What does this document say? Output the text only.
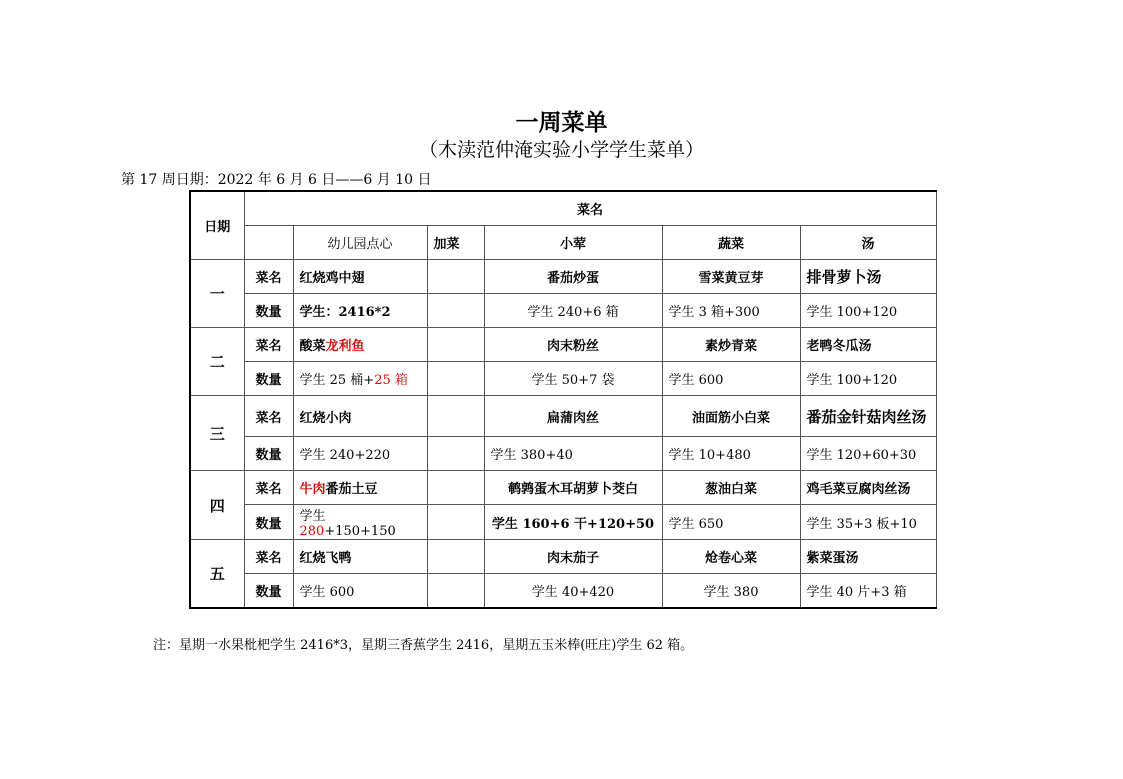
一周菜单
（木渎范仲淹实验小学学生菜单）
第 17 周日期：2022 年 6 月 6 日——6 月 10 日
日期	菜名					
		幼儿园点心	加菜	小荤	蔬菜	汤
一	菜名	红烧鸡中翅		番茄炒蛋	雪菜黄豆芽	排骨萝卜汤
	数量	学生：2416*2		学生 240+6 箱	学生 3 箱+300	学生 100+120
二	菜名	酸菜龙利鱼		肉末粉丝	素炒青菜	老鸭冬瓜汤
	数量	学生 25 桶+25 箱		学生 50+7 袋	学生 600	学生 100+120
三	菜名	红烧小肉		扁蒲肉丝	油面筋小白菜	番茄金针菇肉丝汤
	数量	学生 240+220		学生 380+40	学生 10+480	学生 120+60+30
四	菜名	牛肉番茄土豆		鹌鹑蛋木耳胡萝卜茭白	葱油白菜	鸡毛菜豆腐肉丝汤
	数量	学生 280+150+150		学生 160+6 干+120+50	学生 650	学生 35+3 板+10
五	菜名	红烧飞鸭		肉末茄子	炝卷心菜	紫菜蛋汤
	数量	学生 600		学生 40+420	学生 380	学生 40 片+3 箱
注：星期一水果枇杷学生 2416*3，星期三香蕉学生 2416，星期五玉米棒(旺庄)学生 62 箱。
